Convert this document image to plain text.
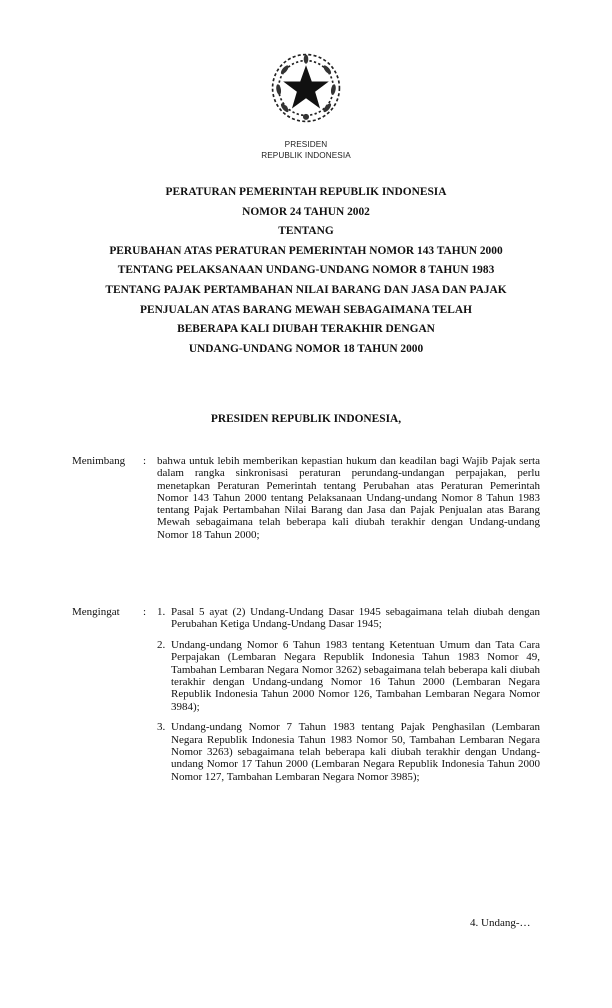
PRESIDEN
REPUBLIK INDONESIA
PERATURAN PEMERINTAH REPUBLIK INDONESIA
NOMOR 24 TAHUN 2002
TENTANG
PERUBAHAN ATAS PERATURAN PEMERINTAH NOMOR 143 TAHUN 2000
TENTANG PELAKSANAAN UNDANG-UNDANG NOMOR 8 TAHUN 1983
TENTANG PAJAK PERTAMBAHAN NILAI BARANG DAN JASA DAN PAJAK
PENJUALAN ATAS BARANG MEWAH SEBAGAIMANA TELAH
BEBERAPA KALI DIUBAH TERAKHIR DENGAN
UNDANG-UNDANG NOMOR 18 TAHUN 2000
PRESIDEN REPUBLIK INDONESIA,
Menimbang : bahwa untuk lebih memberikan kepastian hukum dan keadilan bagi Wajib Pajak serta dalam rangka sinkronisasi peraturan perundang-undangan perpajakan, perlu menetapkan Peraturan Pemerintah tentang Perubahan atas Peraturan Pemerintah Nomor 143 Tahun 2000 tentang Pelaksanaan Undang-undang Nomor 8 Tahun 1983 tentang Pajak Pertambahan Nilai Barang dan Jasa dan Pajak Penjualan atas Barang Mewah sebagaimana telah beberapa kali diubah terakhir dengan Undang-undang Nomor 18 Tahun 2000;

Mengingat : 1. Pasal 5 ayat (2) Undang-Undang Dasar 1945 sebagaimana telah diubah dengan Perubahan Ketiga Undang-Undang Dasar 1945;
2. Undang-undang Nomor 6 Tahun 1983 tentang Ketentuan Umum dan Tata Cara Perpajakan (Lembaran Negara Republik Indonesia Tahun 1983 Nomor 49, Tambahan Lembaran Negara Nomor 3262) sebagaimana telah beberapa kali diubah terakhir dengan Undang-undang Nomor 16 Tahun 2000 (Lembaran Negara Republik Indonesia Tahun 2000 Nomor 126, Tambahan Lembaran Negara Nomor 3984);
3. Undang-undang Nomor 7 Tahun 1983 tentang Pajak Penghasilan (Lembaran Negara Republik Indonesia Tahun 1983 Nomor 50, Tambahan Lembaran Negara Nomor 3263) sebagaimana telah beberapa kali diubah terakhir dengan Undang-undang Nomor 17 Tahun 2000 (Lembaran Negara Republik Indonesia Tahun 2000 Nomor 127, Tambahan Lembaran Negara Nomor 3985);
4. Undang-…
